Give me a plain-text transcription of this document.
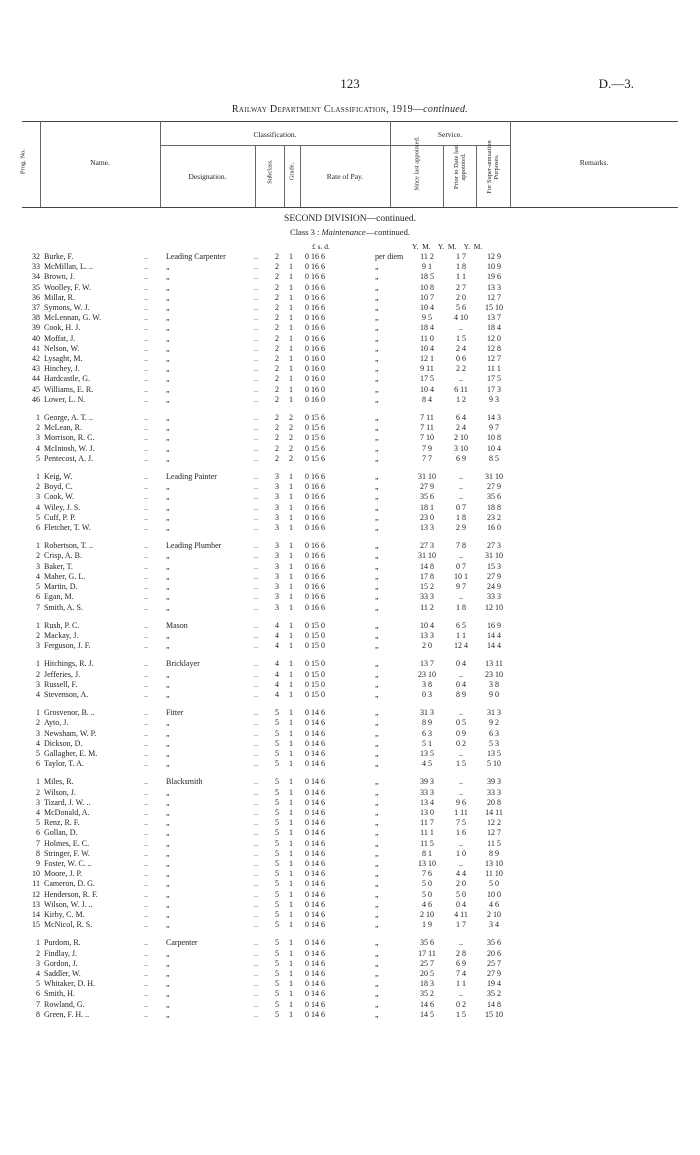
123	D.—3.
Railway Department Classification, 1919—continued.
Prog. No.	Name.
Classification.
Designation.	Subclass. Grade.	Rate of Pay.
Service.
Since last appointed.	Prior to Date last appointed.	For Super-annuation Purposes.	Remarks.
SECOND DIVISION—continued.
Class 3 : Maintenance—continued.
£ s. d.	Y.  M.    Y.  M.    Y.  M.
32	Burke, F.	..	Leading Carpenter	..	2	1	0 16 6	per diem	11 2	1 7	12 9
33	McMillan, L. ..	..	„	..	2	1	0 16 6	„	9 1	1 8	10 9
34	Brown, J.	..	„	..	2	1	0 16 6	„	18 5	1 1	19 6
35	Woolley, F. W.	..	„	..	2	1	0 16 6	„	10 8	2 7	13 3
36	Millar, R.	..	„	..	2	1	0 16 6	„	10 7	2 0	12 7
37	Symons, W. J.	..	„	..	2	1	0 16 6	„	10 4	5 6	15 10
38	McLennan, G. W.	..	„	..	2	1	0 16 6	„	9 5	4 10	13 7
39	Cook, H. J.	..	„	..	2	1	0 16 6	„	18 4	..	18 4
40	Moffat, J.	..	„	..	2	1	0 16 6	„	11 0	1 5	12 0
41	Nelson, W.	..	„	..	2	1	0 16 6	„	10 4	2 4	12 8
42	Lysaght, M.	..	„	..	2	1	0 16 0	„	12 1	0 6	12 7
43	Hinchey, J.	..	„	..	2	1	0 16 0	„	9 11	2 2	11 1
44	Hardcastle, G.	..	„	..	2	1	0 16 0	„	17 5	..	17 5
45	Williams, E. R.	..	„	..	2	1	0 16 0	„	10 4	6 11	17 3
46	Lower, L. N.	..	„	..	2	1	0 16 0	„	8 4	1 2	9 3

1	George, A. T. ..	..	„	..	2	2	0 15 6	„	7 11	6 4	14 3
2	McLean, R.	..	„	..	2	2	0 15 6	„	7 11	2 4	9 7
3	Morrison, R. C.	..	„	..	2	2	0 15 6	„	7 10	2 10	10 8
4	McIntosh, W. J.	..	„	..	2	2	0 15 6	„	7 9	3 10	10 4
5	Pentecost, A. J.	..	„	..	2	2	0 15 6	„	7 7	6 9	8 5

1	Keig, W.	..	Leading Painter	..	3	1	0 16 6	„	31 10	..	31 10
2	Boyd, C.	..	„	..	3	1	0 16 6	„	27 9	..	27 9
3	Cook, W.	..	„	..	3	1	0 16 6	„	35 6	..	35 6
4	Wiley, J. S.	..	„	..	3	1	0 16 6	„	18 1	0 7	18 8
5	Cuff, P. P.	..	„	..	3	1	0 16 6	„	23 0	1 8	23 2
6	Fletcher, T. W.	..	„	..	3	1	0 16 6	„	13 3	2 9	16 0

1	Robertson, T. ..	..	Leading Plumber	..	3	1	0 16 6	„	27 3	7 8	27 3
2	Crisp, A. B.	..	„	..	3	1	0 16 6	„	31 10	..	31 10
3	Baker, T.	..	„	..	3	1	0 16 6	„	14 8	0 7	15 3
4	Maher, G. L.	..	„	..	3	1	0 16 6	„	17 8	10 1	27 9
5	Martin, D.	..	„	..	3	1	0 16 6	„	15 2	9 7	24 9
6	Egan, M.	..	„	..	3	1	0 16 6	„	33 3	..	33 3
7	Smith, A. S.	..	„	..	3	1	0 16 6	„	11 2	1 8	12 10

1	Rush, P. C.	..	Mason	..	4	1	0 15 0	„	10 4	6 5	16 9
2	Mackay, J.	..	„	..	4	1	0 15 0	„	13 3	1 1	14 4
3	Ferguson, J. F.	..	„	..	4	1	0 15 0	„	2 0	12 4	14 4

1	Hitchings, R. J.	..	Bricklayer	..	4	1	0 15 0	„	13 7	0 4	13 11
2	Jefferies, J.	..	„	..	4	1	0 15 0	„	23 10	..	23 10
3	Russell, F.	..	„	..	4	1	0 15 0	„	3 8	0 4	3 8
4	Stevenson, A.	..	„	..	4	1	0 15 0	„	0 3	8 9	9 0

1	Grosvenor, B. ..	..	Fitter	..	5	1	0 14 6	„	31 3	..	31 3
2	Ayto, J.	..	„	..	5	1	0 14 6	„	8 9	0 5	9 2
3	Newsham, W. P.	..	„	..	5	1	0 14 6	„	6 3	0 9	6 3
4	Dickson, D.	..	„	..	5	1	0 14 6	„	5 1	0 2	5 3
5	Gallagher, E. M.	..	„	..	5	1	0 14 6	„	13 5	..	13 5
6	Taylor, T. A.	..	„	..	5	1	0 14 6	„	4 5	1 5	5 10

1	Miles, R.	..	Blacksmith	..	5	1	0 14 6	„	39 3	..	39 3
2	Wilson, J.	..	„	..	5	1	0 14 6	„	33 3	..	33 3
3	Tizard, J. W. ..	..	„	..	5	1	0 14 6	„	13 4	9 6	20 8
4	McDonald, A.	..	„	..	5	1	0 14 6	„	13 0	1 11	14 11
5	Renz, R. F.	..	„	..	5	1	0 14 6	„	11 7	7 5	12 2
6	Gollan, D.	..	„	..	5	1	0 14 6	„	11 1	1 6	12 7
7	Holmes, E. C.	..	„	..	5	1	0 14 6	„	11 5	..	11 5
8	Stringer, F. W.	..	„	..	5	1	0 14 6	„	8 1	1 0	8 9
9	Foster, W. C. ..	..	„	..	5	1	0 14 6	„	13 10	..	13 10
10	Moore, J. P.	..	„	..	5	1	0 14 6	„	7 6	4 4	11 10
11	Cameron, D. G.	..	„	..	5	1	0 14 6	„	5 0	2 0	5 0
12	Henderson, R. F.	..	„	..	5	1	0 14 6	„	5 0	5 0	10 0
13	Wilson, W. J. ..	..	„	..	5	1	0 14 6	„	4 6	0 4	4 6
14	Kirby, C. M.	..	„	..	5	1	0 14 6	„	2 10	4 11	2 10
15	McNicol, R. S.	..	„	..	5	1	0 14 6	„	1 9	1 7	3 4

1	Purdom, R.	..	Carpenter	..	5	1	0 14 6	„	35 6	..	35 6
2	Findlay, J.	..	„	..	5	1	0 14 6	„	17 11	2 8	20 6
3	Gordon, J.	..	„	..	5	1	0 14 6	„	25 7	6 9	25 7
4	Saddler, W.	..	„	..	5	1	0 14 6	„	20 5	7 4	27 9
5	Whitaker, D. H.	..	„	..	5	1	0 14 6	„	18 3	1 1	19 4
6	Smith, H.	..	„	..	5	1	0 14 6	„	35 2	..	35 2
7	Rowland, G.	..	„	..	5	1	0 14 6	„	14 6	0 2	14 8
8	Green, F. H. ..	..	„	..	5	1	0 14 6	„	14 5	1 5	15 10
